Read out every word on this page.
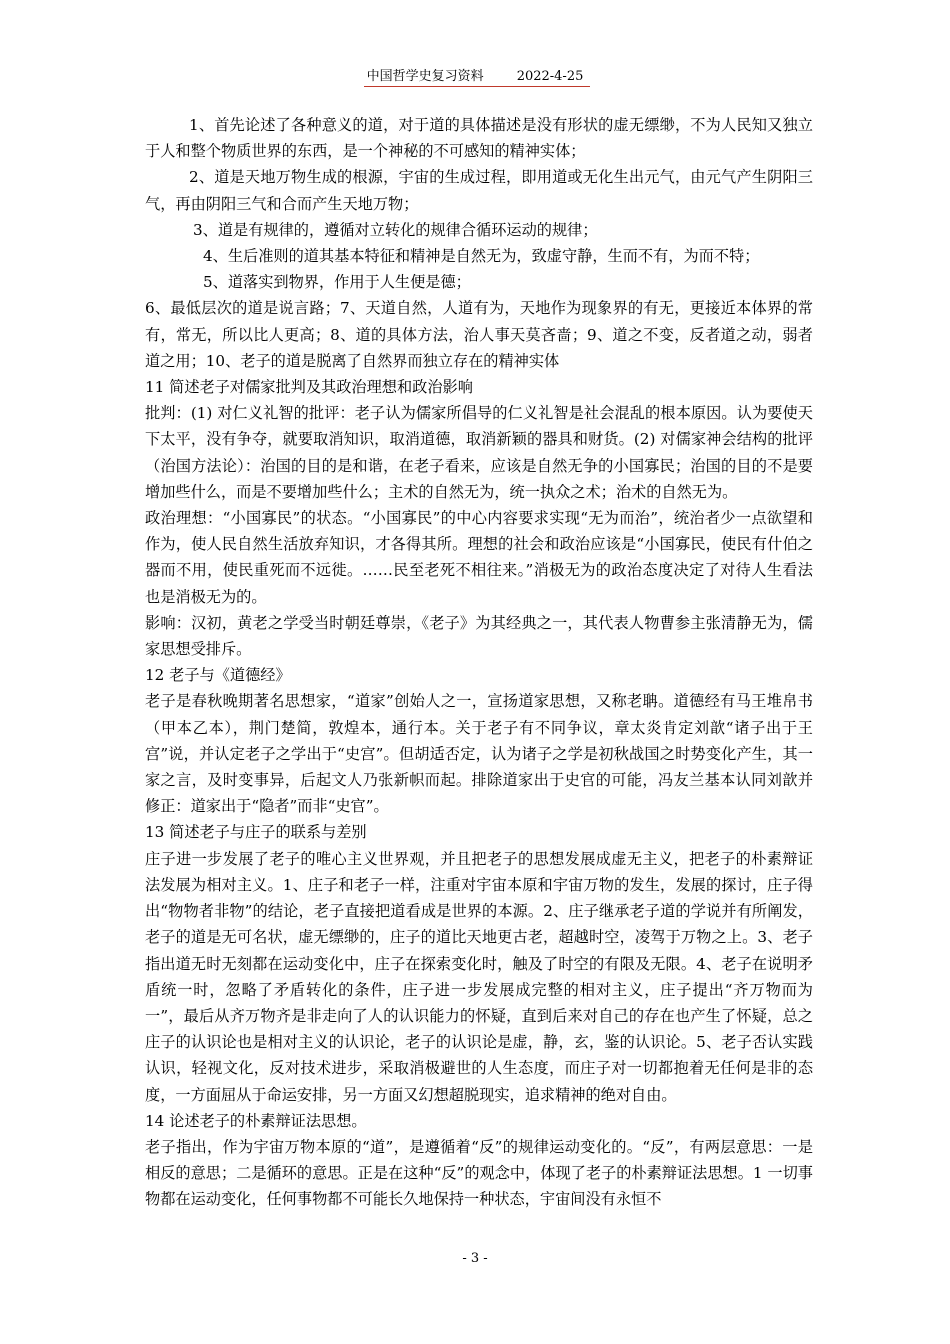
中国哲学史复习资料	2022-4-25

1、首先论述了各种意义的道，对于道的具体描述是没有形状的虚无缥缈，不为人民知又独立于人和整个物质世界的东西，是一个神秘的不可感知的精神实体；

2、道是天地万物生成的根源，宇宙的生成过程，即用道或无化生出元气，由元气产生阴阳三气，再由阴阳三气和合而产生天地万物；

3、道是有规律的，遵循对立转化的规律合循环运动的规律；

4、生后准则的道其基本特征和精神是自然无为，致虚守静，生而不有，为而不特；

5、道落实到物界，作用于人生便是德；

6、最低层次的道是说言路；7、天道自然，人道有为，天地作为现象界的有无，更接近本体界的常有，常无，所以比人更高；8、道的具体方法，治人事天莫吝啬；9、道之不变，反者道之动，弱者道之用；10、老子的道是脱离了自然界而独立存在的精神实体

11 简述老子对儒家批判及其政治理想和政治影响

批判：(1) 对仁义礼智的批评：老子认为儒家所倡导的仁义礼智是社会混乱的根本原因。认为要使天下太平，没有争夺，就要取消知识，取消道德，取消新颖的器具和财货。(2) 对儒家神会结构的批评（治国方法论）：治国的目的是和谐，在老子看来，应该是自然无争的小国寡民；治国的目的不是要增加些什么，而是不要增加些什么；主术的自然无为，统一执众之术；治术的自然无为。

政治理想：“小国寡民”的状态。“小国寡民”的中心内容要求实现“无为而治”，统治者少一点欲望和作为，使人民自然生活放弃知识，才各得其所。理想的社会和政治应该是“小国寡民，使民有什伯之器而不用，使民重死而不远徙。……民至老死不相往来。”消极无为的政治态度决定了对待人生看法也是消极无为的。

影响：汉初，黄老之学受当时朝廷尊崇，《老子》为其经典之一，其代表人物曹参主张清静无为，儒家思想受排斥。

12 老子与《道德经》

老子是春秋晚期著名思想家，“道家”创始人之一，宣扬道家思想，又称老聃。道德经有马王堆帛书（甲本乙本），荆门楚简，敦煌本，通行本。关于老子有不同争议，章太炎肯定刘歆“诸子出于王宫”说，并认定老子之学出于“史宫”。但胡适否定，认为诸子之学是初秋战国之时势变化产生，其一家之言，及时变事异，后起文人乃张新帜而起。排除道家出于史官的可能，冯友兰基本认同刘歆并修正：道家出于“隐者”而非“史官”。

13 简述老子与庄子的联系与差别

庄子进一步发展了老子的唯心主义世界观，并且把老子的思想发展成虚无主义，把老子的朴素辩证法发展为相对主义。1、庄子和老子一样，注重对宇宙本原和宇宙万物的发生，发展的探讨，庄子得出“物物者非物”的结论，老子直接把道看成是世界的本源。2、庄子继承老子道的学说并有所阐发，老子的道是无可名状，虚无缥缈的，庄子的道比天地更古老，超越时空，凌驾于万物之上。3、老子指出道无时无刻都在运动变化中，庄子在探索变化时，触及了时空的有限及无限。4、老子在说明矛盾统一时，忽略了矛盾转化的条件，庄子进一步发展成完整的相对主义，庄子提出“齐万物而为一”，最后从齐万物齐是非走向了人的认识能力的怀疑，直到后来对自己的存在也产生了怀疑，总之庄子的认识论也是相对主义的认识论，老子的认识论是虚，静，玄，鉴的认识论。5、老子否认实践认识，轻视文化，反对技术进步，采取消极避世的人生态度，而庄子对一切都抱着无任何是非的态度，一方面屈从于命运安排，另一方面又幻想超脱现实，追求精神的绝对自由。

14 论述老子的朴素辩证法思想。

老子指出，作为宇宙万物本原的“道”，是遵循着“反”的规律运动变化的。“反”，有两层意思：一是相反的意思；二是循环的意思。正是在这种“反”的观念中，体现了老子的朴素辩证法思想。1 一切事物都在运动变化，任何事物都不可能长久地保持一种状态，宇宙间没有永恒不

- 3 -
